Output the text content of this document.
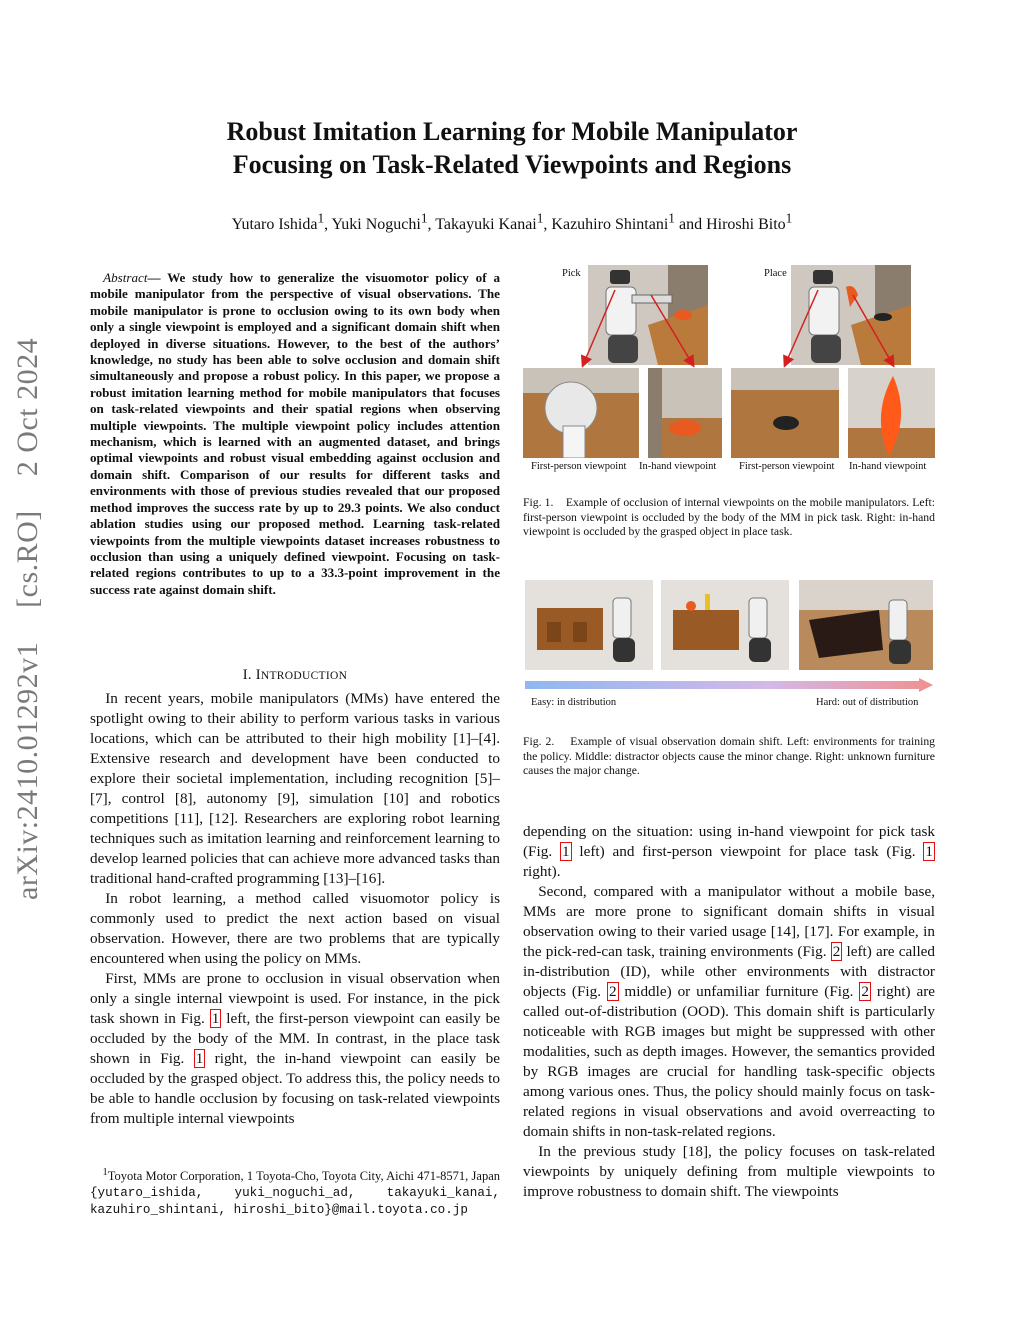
arXiv:2410.01292v1
[cs.RO]
2 Oct 2024
Robust Imitation Learning for Mobile Manipulator
Focusing on Task-Related Viewpoints and Regions
Yutaro Ishida$^1$, Yuki Noguchi$^1$, Takayuki Kanai$^1$, Kazuhiro Shintani$^1$ and Hiroshi Bito$^1$
Abstract— We study how to generalize the visuomotor policy of a mobile manipulator from the perspective of visual observations. The mobile manipulator is prone to occlusion owing to its own body when only a single viewpoint is employed and a significant domain shift when deployed in diverse situations. However, to the best of the authors’ knowledge, no study has been able to solve occlusion and domain shift simultaneously and propose a robust policy. In this paper, we propose a robust imitation learning method for mobile manipulators that focuses on task-related viewpoints and their spatial regions when observing multiple viewpoints. The multiple viewpoint policy includes attention mechanism, which is learned with an augmented dataset, and brings optimal viewpoints and robust visual embedding against occlusion and domain shift. Comparison of our results for different tasks and environments with those of previous studies revealed that our proposed method improves the success rate by up to 29.3 points. We also conduct ablation studies using our proposed method. Learning task-related viewpoints from the multiple viewpoints dataset increases robustness to occlusion than using a uniquely defined viewpoint. Focusing on task-related regions contributes to up to a 33.3-point improvement in the success rate against domain shift.
I. INTRODUCTION

In recent years, mobile manipulators (MMs) have entered the spotlight owing to their ability to perform various tasks in various locations, which can be attributed to their high mobility [1]–[4]. Extensive research and development have been conducted to explore their societal implementation, including recognition [5]–[7], control [8], autonomy [9], simulation [10] and robotics competitions [11], [12]. Researchers are exploring robot learning techniques such as imitation learning and reinforcement learning to develop learned policies that can achieve more advanced tasks than traditional hand-crafted programming [13]–[16].

In robot learning, a method called visuomotor policy is commonly used to predict the next action based on visual observation. However, there are two problems that are typically encountered when using the policy on MMs.

First, MMs are prone to occlusion in visual observation when only a single internal viewpoint is used. For instance, in the pick task shown in Fig. 1 left, the first-person viewpoint can easily be occluded by the body of the MM. In contrast, in the place task shown in Fig. 1 right, the in-hand viewpoint can easily be occluded by the grasped object. To address this, the policy needs to be able to handle occlusion by focusing on task-related viewpoints from multiple internal viewpoints

$^1$Toyota Motor Corporation, 1 Toyota-Cho, Toyota City, Aichi 471-8571, Japan {yutaro_ishida, yuki_noguchi_ad, takayuki_kanai, kazuhiro_shintani, hiroshi_bito}@mail.toyota.co.jp
Pick	Place
First-person viewpoint In-hand viewpoint First-person viewpoint In-hand viewpoint
Fig. 1. Example of occlusion of internal viewpoints on the mobile manipulators. Left: first-person viewpoint is occluded by the body of the MM in pick task. Right: in-hand viewpoint is occluded by the grasped object in place task.
Easy: in distribution	Hard: out of distribution
Fig. 2. Example of visual observation domain shift. Left: environments for training the policy. Middle: distractor objects cause the minor change. Right: unknown furniture causes the major change.

depending on the situation: using in-hand viewpoint for pick task (Fig. 1 left) and first-person viewpoint for place task (Fig. 1 right).

Second, compared with a manipulator without a mobile base, MMs are more prone to significant domain shifts in visual observation owing to their varied usage [14], [17]. For example, in the pick-red-can task, training environments (Fig. 2 left) are called in-distribution (ID), while other environments with distractor objects (Fig. 2 middle) or unfamiliar furniture (Fig. 2 right) are called out-of-distribution (OOD). This domain shift is particularly noticeable with RGB images but might be suppressed with other modalities, such as depth images. However, the semantics provided by RGB images are crucial for handling task-specific objects among various ones. Thus, the policy should mainly focus on task-related regions in visual observations and avoid overreacting to domain shifts in non-task-related regions.

In the previous study [18], the policy focuses on task-related viewpoints by uniquely defining from multiple viewpoints to improve robustness to domain shift. The viewpoints
